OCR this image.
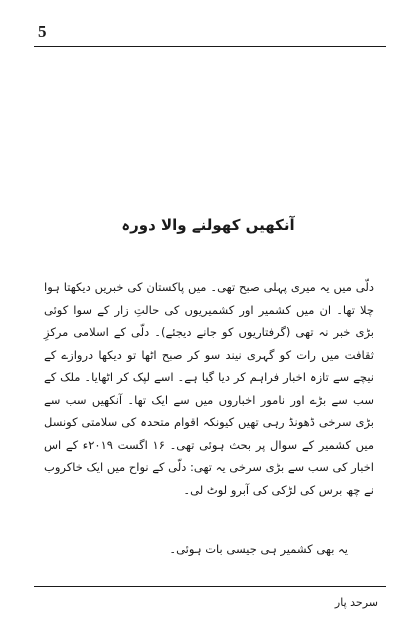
5
آنکھیں کھولنے والا دورہ

دلّی میں یہ میری پہلی صبح تھی۔ میں پاکستان کی خبریں دیکھتا ہوا چلا تھا۔ ان میں کشمیر اور کشمیریوں کی حالتِ زار کے سوا کوئی بڑی خبر نہ تھی (گرفتاریوں کو جانے دیجئے)۔ دلّی کے اسلامی مرکزِ ثقافت میں رات کو گہری نیند سو کر صبح اٹھا تو دیکھا دروازے کے نیچے سے تازہ اخبار فراہم کر دیا گیا ہے۔ اسے لپک کر اٹھایا۔ ملک کے سب سے بڑے اور نامور اخباروں میں سے ایک تھا۔ آنکھیں سب سے بڑی سرخی ڈھونڈ رہی تھیں کیونکہ اقوام متحدہ کی سلامتی کونسل میں کشمیر کے سوال پر بحث ہوئی تھی۔ ۱۶ اگست ۲۰۱۹ء کے اس اخبار کی سب سے بڑی سرخی یہ تھی: دلّی کے نواح میں ایک خاکروب نے چھ برس کی لڑکی کی آبرو لوٹ لی۔

یہ بھی کشمیر ہی جیسی بات ہوئی۔
سرحد پار
